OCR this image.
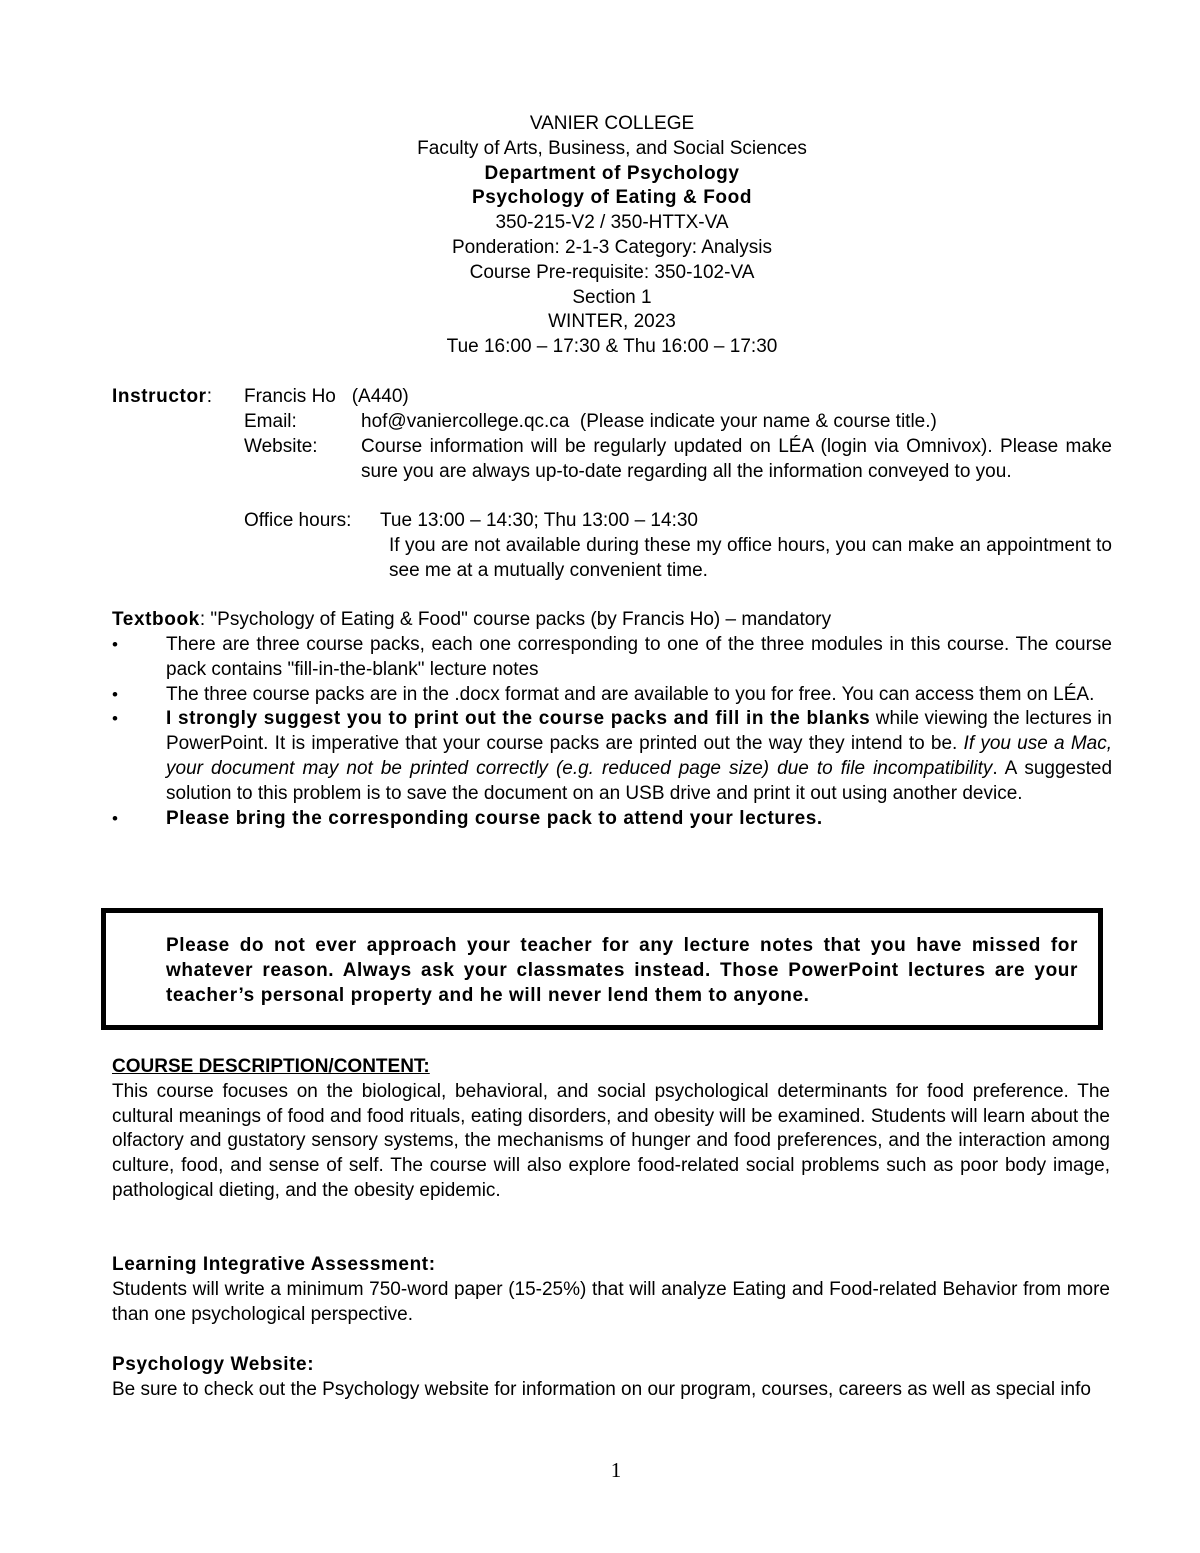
VANIER COLLEGE
Faculty of Arts, Business, and Social Sciences
Department of Psychology
Psychology of Eating & Food
350-215-V2 / 350-HTTX-VA
Ponderation: 2-1-3 Category: Analysis
Course Pre-requisite: 350-102-VA
Section 1
WINTER, 2023
Tue 16:00 – 17:30 & Thu 16:00 – 17:30
Instructor: Francis Ho   (A440)
Email:	hof@vaniercollege.qc.ca  (Please indicate your name & course title.)
Website: Course information will be regularly updated on LÉA (login via Omnivox). Please make sure you are always up-to-date regarding all the information conveyed to you.
Office hours: Tue 13:00 – 14:30; Thu 13:00 – 14:30
If you are not available during these my office hours, you can make an appointment to see me at a mutually convenient time.
Textbook: "Psychology of Eating & Food" course packs (by Francis Ho) – mandatory
•	There are three course packs, each one corresponding to one of the three modules in this course. The course pack contains "fill-in-the-blank" lecture notes
•	The three course packs are in the .docx format and are available to you for free. You can access them on LÉA.
•	I strongly suggest you to print out the course packs and fill in the blanks while viewing the lectures in PowerPoint. It is imperative that your course packs are printed out the way they intend to be. If you use a Mac, your document may not be printed correctly (e.g. reduced page size) due to file incompatibility. A suggested solution to this problem is to save the document on an USB drive and print it out using another device.
•	Please bring the corresponding course pack to attend your lectures.
Please do not ever approach your teacher for any lecture notes that you have missed for whatever reason. Always ask your classmates instead. Those PowerPoint lectures are your teacher’s personal property and he will never lend them to anyone.
COURSE DESCRIPTION/CONTENT:
This course focuses on the biological, behavioral, and social psychological determinants for food preference. The cultural meanings of food and food rituals, eating disorders, and obesity will be examined. Students will learn about the olfactory and gustatory sensory systems, the mechanisms of hunger and food preferences, and the interaction among culture, food, and sense of self. The course will also explore food-related social problems such as poor body image, pathological dieting, and the obesity epidemic.
Learning Integrative Assessment:
Students will write a minimum 750-word paper (15-25%) that will analyze Eating and Food-related Behavior from more than one psychological perspective.
Psychology Website:
Be sure to check out the Psychology website for information on our program, courses, careers as well as special info
1
